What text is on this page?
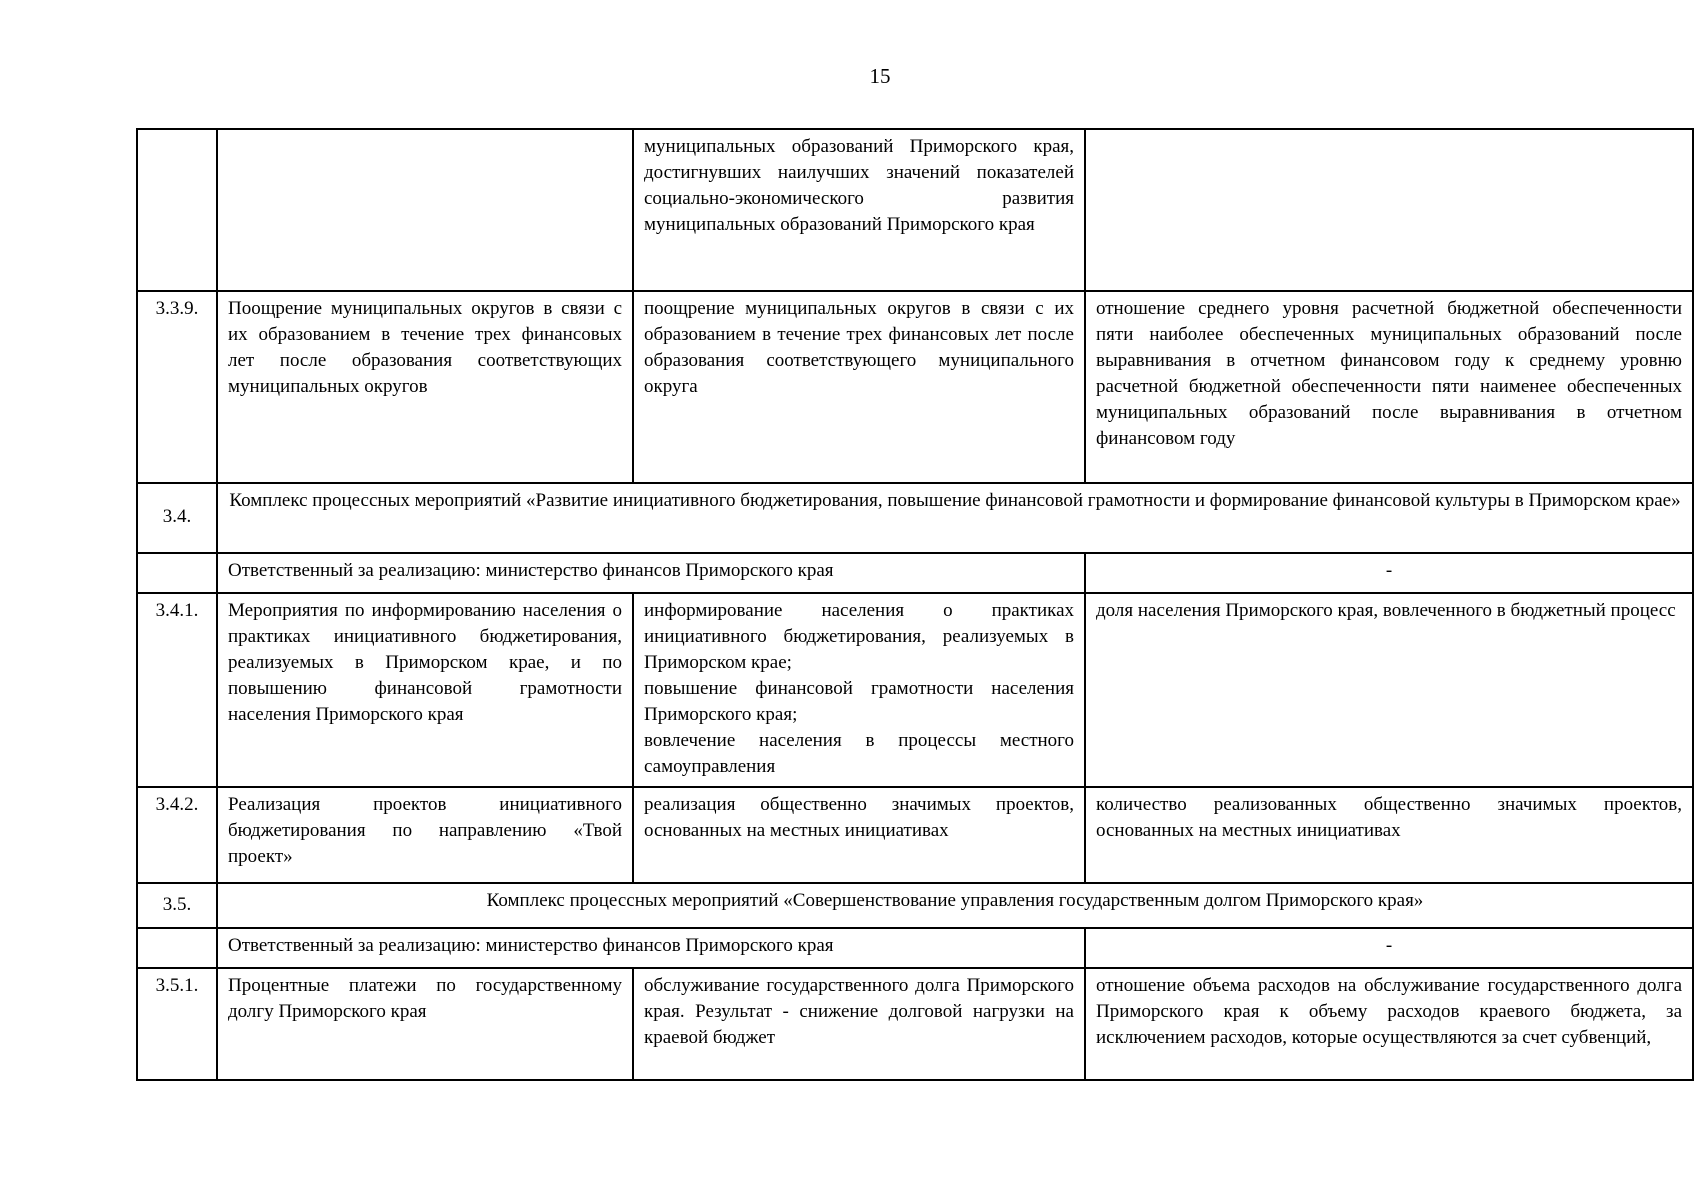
15
		муниципальных образований Приморского края, достигнувших наилучших значений показателей социально-экономического развития муниципальных образований Приморского края	
3.3.9.	Поощрение муниципальных округов в связи с их образованием в течение трех финансовых лет после образования соответствующих муниципальных округов	поощрение муниципальных округов в связи с их образованием в течение трех финансовых лет после образования соответствующего муниципального округа	отношение среднего уровня расчетной бюджетной обеспеченности пяти наиболее обеспеченных муниципальных образований после выравнивания в отчетном финансовом году к среднему уровню расчетной бюджетной обеспеченности пяти наименее обеспеченных муниципальных образований после выравнивания в отчетном финансовом году
3.4.	Комплекс процессных мероприятий «Развитие инициативного бюджетирования, повышение финансовой грамотности и формирование финансовой культуры в Приморском крае»		
	Ответственный за реализацию: министерство финансов Приморского края		-
3.4.1.	Мероприятия по информированию населения о практиках инициативного бюджетирования, реализуемых в Приморском крае, и по повышению финансовой грамотности населения Приморского края	информирование населения о практиках инициативного бюджетирования, реализуемых в Приморском крае;
повышение финансовой грамотности населения Приморского края;
вовлечение населения в процессы местного самоуправления	доля населения Приморского края, вовлеченного в бюджетный процесс
3.4.2.	Реализация проектов инициативного бюджетирования по направлению «Твой проект»	реализация общественно значимых проектов, основанных на местных инициативах	количество реализованных общественно значимых проектов, основанных на местных инициативах
3.5.	Комплекс процессных мероприятий «Совершенствование управления государственным долгом Приморского края»		
	Ответственный за реализацию: министерство финансов Приморского края		-
3.5.1.	Процентные платежи по государственному долгу Приморского края	обслуживание государственного долга Приморского края. Результат - снижение долговой нагрузки на краевой бюджет	отношение объема расходов на обслуживание государственного долга Приморского края к объему расходов краевого бюджета, за исключением расходов, которые осуществляются за счет субвенций,
